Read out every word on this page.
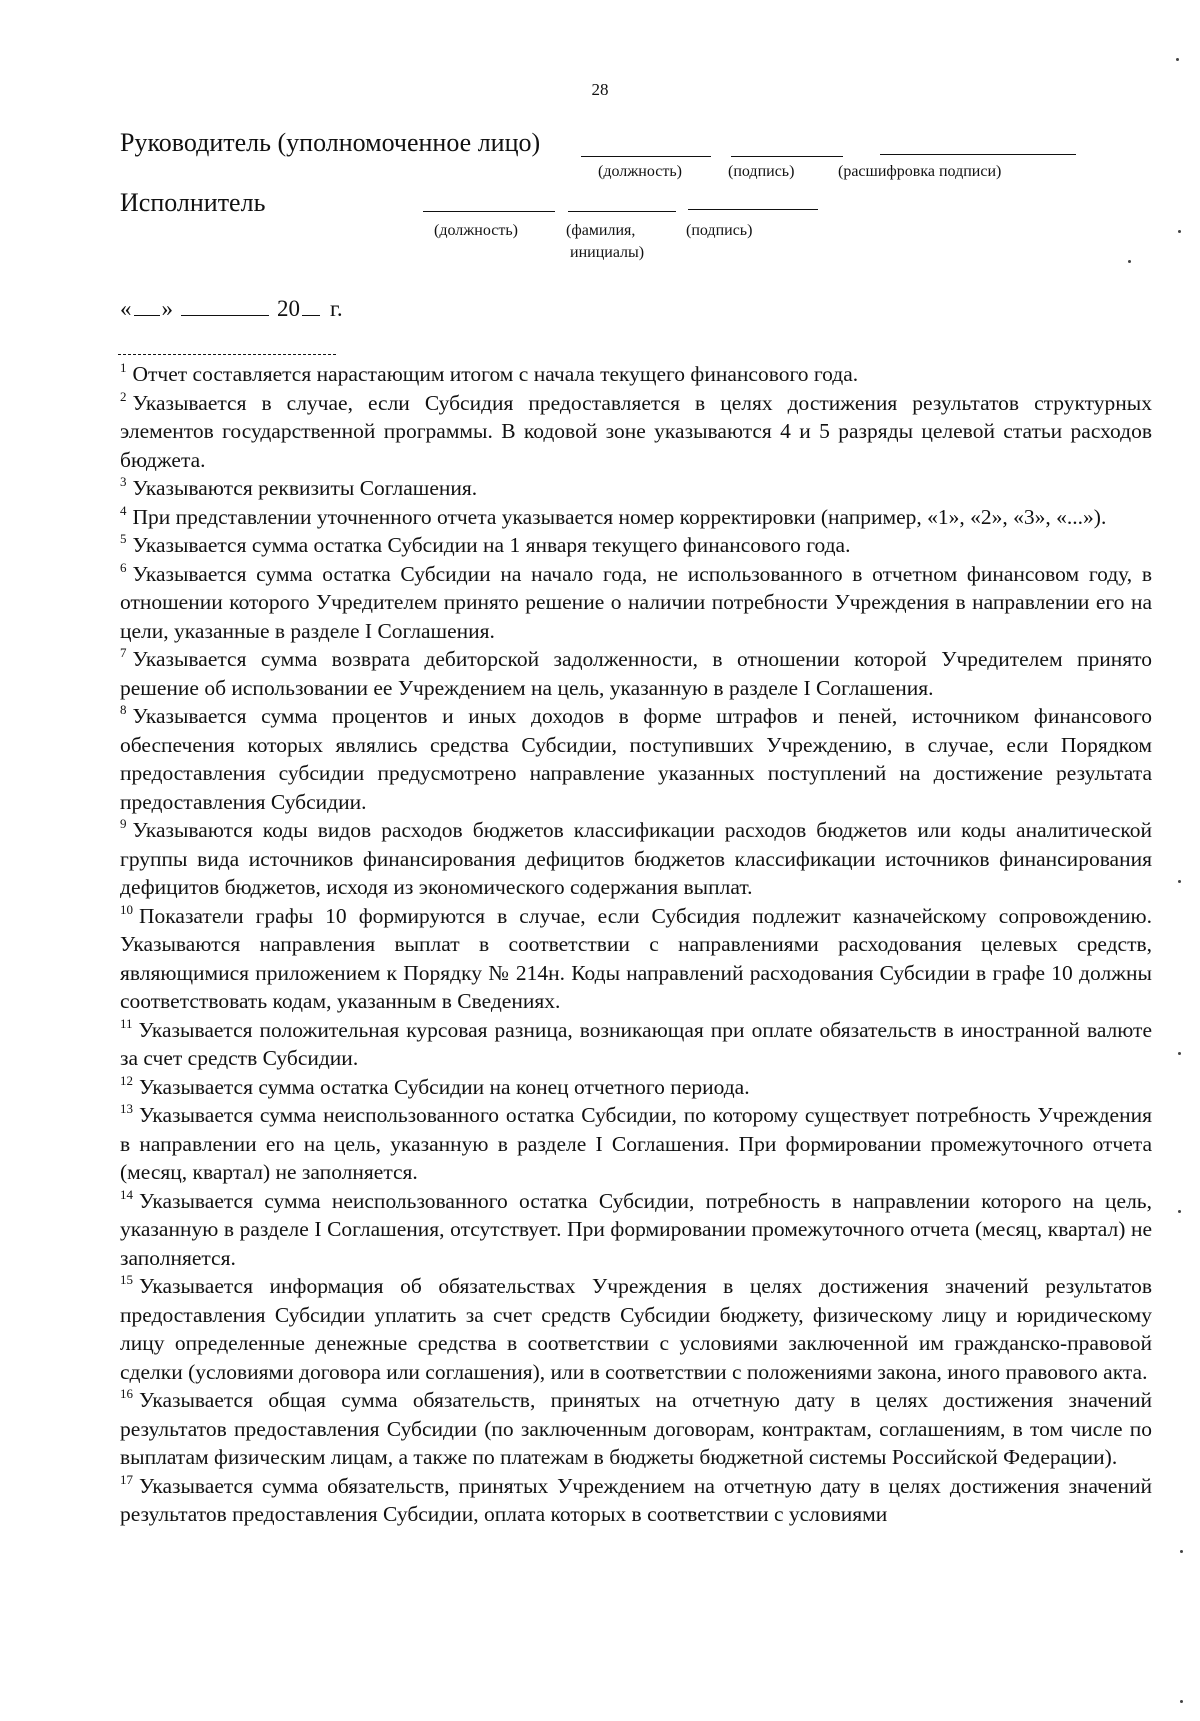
28
Руководитель (уполномоченное лицо)
(должность)	(подпись)	(расшифровка подписи)
Исполнитель
(должность)	(фамилия,
инициалы)
(подпись)
« »	20 г.

$^1$ Отчет составляется нарастающим итогом с начала текущего финансового года.

$^2$ Указывается в случае, если Субсидия предоставляется в целях достижения результатов структурных элементов государственной программы. В кодовой зоне указываются 4 и 5 разряды целевой статьи расходов бюджета.

$^3$ Указываются реквизиты Соглашения.

$^4$ При представлении уточненного отчета указывается номер корректировки (например, «1», «2», «3», «...»).

$^5$ Указывается сумма остатка Субсидии на 1 января текущего финансового года.

$^6$ Указывается сумма остатка Субсидии на начало года, не использованного в отчетном финансовом году, в отношении которого Учредителем принято решение о наличии потребности Учреждения в направлении его на цели, указанные в разделе I Соглашения.

$^7$ Указывается сумма возврата дебиторской задолженности, в отношении которой Учредителем принято решение об использовании ее Учреждением на цель, указанную в разделе I Соглашения.

$^8$ Указывается сумма процентов и иных доходов в форме штрафов и пеней, источником финансового обеспечения которых являлись средства Субсидии, поступивших Учреждению, в случае, если Порядком предоставления субсидии предусмотрено направление указанных поступлений на достижение результата предоставления Субсидии.

$^9$ Указываются коды видов расходов бюджетов классификации расходов бюджетов или коды аналитической группы вида источников финансирования дефицитов бюджетов классификации источников финансирования дефицитов бюджетов, исходя из экономического содержания выплат.

$^{10}$ Показатели графы 10 формируются в случае, если Субсидия подлежит казначейскому сопровождению. Указываются направления выплат в соответствии с направлениями расходования целевых средств, являющимися приложением к Порядку № 214н. Коды направлений расходования Субсидии в графе 10 должны соответствовать кодам, указанным в Сведениях.

$^{11}$ Указывается положительная курсовая разница, возникающая при оплате обязательств в иностранной валюте за счет средств Субсидии.

$^{12}$ Указывается сумма остатка Субсидии на конец отчетного периода.

$^{13}$ Указывается сумма неиспользованного остатка Субсидии, по которому существует потребность Учреждения в направлении его на цель, указанную в разделе I Соглашения. При формировании промежуточного отчета (месяц, квартал) не заполняется.

$^{14}$ Указывается сумма неиспользованного остатка Субсидии, потребность в направлении которого на цель, указанную в разделе I Соглашения, отсутствует. При формировании промежуточного отчета (месяц, квартал) не заполняется.

$^{15}$ Указывается информация об обязательствах Учреждения в целях достижения значений результатов предоставления Субсидии уплатить за счет средств Субсидии бюджету, физическому лицу и юридическому лицу определенные денежные средства в соответствии с условиями заключенной им гражданско-правовой сделки (условиями договора или соглашения), или в соответствии с положениями закона, иного правового акта.

$^{16}$ Указывается общая сумма обязательств, принятых на отчетную дату в целях достижения значений результатов предоставления Субсидии (по заключенным договорам, контрактам, соглашениям, в том числе по выплатам физическим лицам, а также по платежам в бюджеты бюджетной системы Российской Федерации).

$^{17}$ Указывается сумма обязательств, принятых Учреждением на отчетную дату в целях достижения значений результатов предоставления Субсидии, оплата которых в соответствии с условиями
